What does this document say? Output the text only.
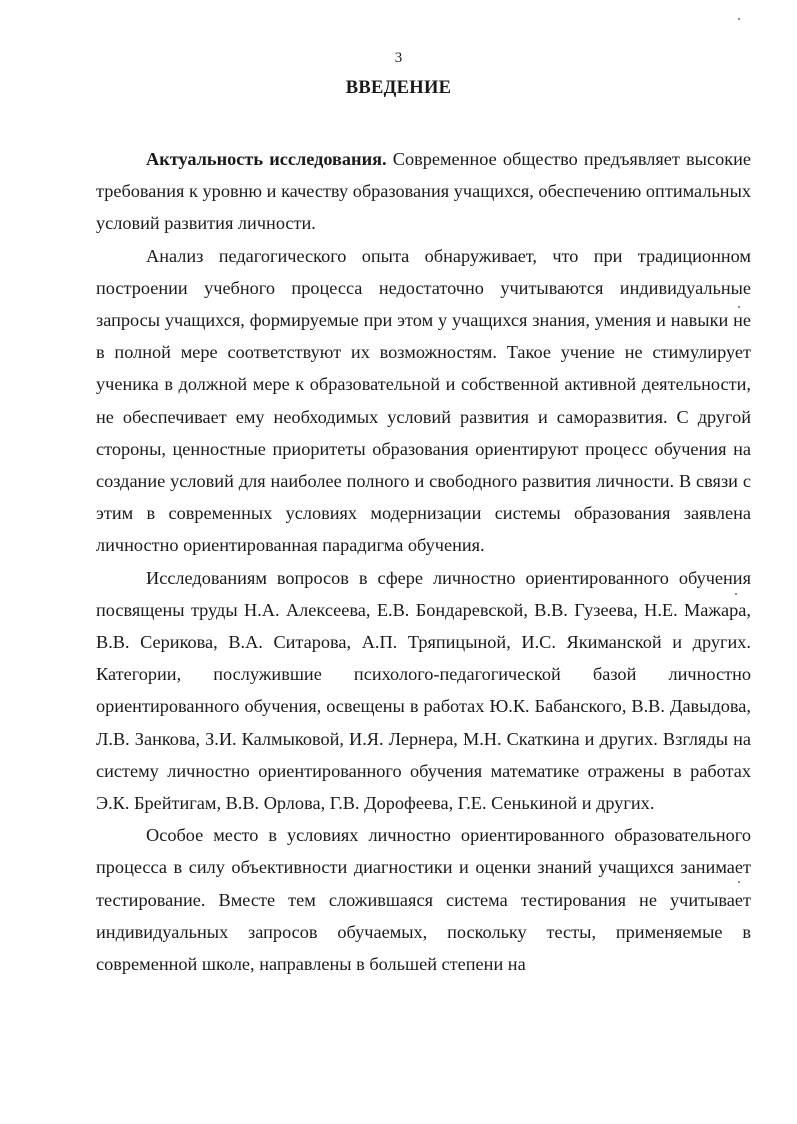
3
ВВЕДЕНИЕ

Актуальность исследования. Современное общество предъявляет высокие требования к уровню и качеству образования учащихся, обеспечению оптимальных условий развития личности.

Анализ педагогического опыта обнаруживает, что при традиционном построении учебного процесса недостаточно учитываются индивидуальные запросы учащихся, формируемые при этом у учащихся знания, умения и навыки не в полной мере соответствуют их возможностям. Такое учение не стимулирует ученика в должной мере к образовательной и собственной активной деятельности, не обеспечивает ему необходимых условий развития и саморазвития. С другой стороны, ценностные приоритеты образования ориентируют процесс обучения на создание условий для наиболее полного и свободного развития личности. В связи с этим в современных условиях модернизации системы образования заявлена личностно ориентированная парадигма обучения.

Исследованиям вопросов в сфере личностно ориентированного обучения посвящены труды Н.А. Алексеева, Е.В. Бондаревской, В.В. Гузеева, Н.Е. Мажара, В.В. Серикова, В.А. Ситарова, А.П. Тряпицыной, И.С. Якиманской и других. Категории, послужившие психолого-педагогической базой личностно ориентированного обучения, освещены в работах Ю.К. Бабанского, В.В. Давыдова, Л.В. Занкова, З.И. Калмыковой, И.Я. Лернера, М.Н. Скаткина и других. Взгляды на систему личностно ориентированного обучения математике отражены в работах Э.К. Брейтигам, В.В. Орлова, Г.В. Дорофеева, Г.Е. Сенькиной и других.

Особое место в условиях личностно ориентированного образовательного процесса в силу объективности диагностики и оценки знаний учащихся занимает тестирование. Вместе тем сложившаяся система тестирования не учитывает индивидуальных запросов обучаемых, поскольку тесты, применяемые в современной школе, направлены в большей степени на
